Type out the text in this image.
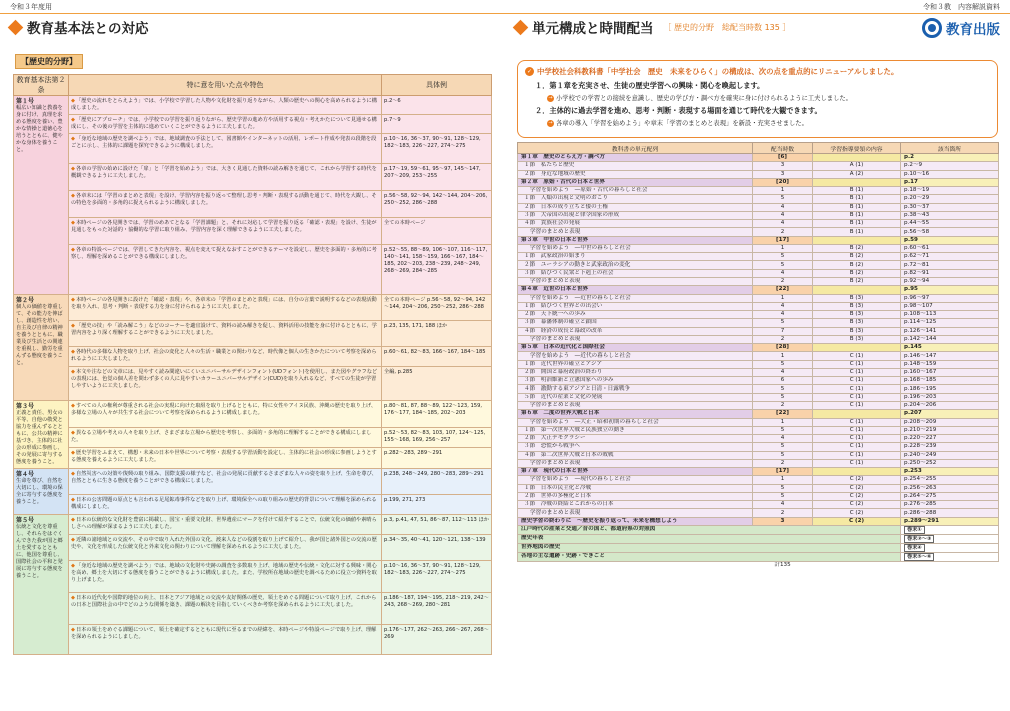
令和３年度用
教育基本法との対応
【歴史的分野】
教育基本法第２条	特に意を用いた点や特色	具体例

第１号
幅広い知識と教養を身に付け、真理を求める態度を養い、豊かな情操と道徳心を培うとともに、健やかな身体を養うこと。	◆「歴史の流れをとらえよう」では、小学校で学習した人物や文化財を振り返りながら、人類の歴史への関心を高められるように構成しました。	p.2～6
	◆「歴史にアプローチ」では、小学校での学習を振り返りながら、歴史学習の進め方や活用する視点・考えかたについて見通せる構成にし、その後の学習を主体的に進めていくことができるように工夫しました。	p.7～9
	◆「身近な地域の歴史を調べよう」では、地域調査の手法として、図書館やインターネットの活用、レポート作成や発表の段階を段ごとに示し、主体的に課題を探究できるように構成しました。	p.10～16, 36～37, 90～91, 128～129, 182～183, 226～227, 274～275
	◆各章の学習の始めに設けた「扉」と「学習を始めよう」では、大きく見通した資料の読み解きを通じて、これから学習する時代を概観できるように工夫しました。	p.17～19, 59～61, 95～97, 145～147, 207～209, 253～255
	◆各章末には「学習のまとめと表現」を設け、学習内容を振り返って整理し思考・判断・表現する活動を通じて、時代を大観し、その特色を多面的・多角的に捉えられるように構成しました。	p.56～58, 92～94, 142～144, 204～206, 250～252, 286～288
	◆本時ページの各見開きでは、学習のめあてとなる「学習課題」と、それに対応して学習を振り返る「確認・表現」を設け、生徒が見通しをもった対話的・協働的な学習に取り組み、学習内容を深く理解できるように工夫しました。	全ての本時ページ
	◆各章の特設ページでは、学習してきた内容を、視点を変えて捉えなおすことができるテーマを設定し、歴史を多面的・多角的に考察し、理解を深めることができる構成にしました。	p.52～55, 88～89, 106～107, 116～117, 140～141, 158～159, 166～167, 184～185, 202～203, 238～239, 248～249, 268～269, 284～285

第２号
個人の価値を尊重して、その能力を伸ばし、創造性を培い、自主及び自律の精神を養うとともに、職業及び生活との関連を重視し、勤労を重んずる態度を養うこと。	◆本時ページの各見開きに設けた「確認・表現」や、各章末の「学習のまとめと表現」には、自分の言葉で説明するなどの表現活動を取り入れ、思考・判断・表現する力を身に付けられるように工夫しました。	全ての本時ページ p.56～58, 92～94, 142～144, 204～206, 250～252, 286～288
	◆「歴史の技」や「読み解こう」などのコーナーを適宜設けて、資料の読み解きを促し、資料活用の技能を身に付けるとともに、学習内容をより深く理解することができるように工夫しました。	p.23, 135, 171, 188 ほか
	◆各時代の多様な人物を取り上げ、社会の変化と人々の生活・職業との関わりなど、時代像と個人の生きかたについて考察を深められるように工夫しました。	p.60～61, 82～83, 166～167, 184～185
	◆本文や注などの文章には、見やすく読み間違いにくいユニバーサルデザインフォント(UDフォント)を使用し、また図やグラフなどの表現には、色覚の個人差を問わず多くの人に見やすいカラーユニバーサルデザイン(CUD)を取り入れるなど、すべての生徒が学習しやすいように工夫しました。	全編, p.285

第３号
正義と責任、男女の平等、自他の敬愛と協力を重んずるとともに、公共の精神に基づき、主体的に社会の形成に参画し、その発展に寄与する態度を養うこと。	◆すべての人の権利が尊重される社会の実現に向けた取組を取り上げるとともに、特に女性やアイヌ民族、沖縄の歴史を取り上げ、多様な立場の人々が共生する社会について考察を深められるように構成しました。	p.80～81, 87, 88～89, 122～123, 159, 176～177, 184～185, 202～203
	◆異なる立場や考えの人々を取り上げ、さまざまな立場から歴史を考察し、多面的・多角的に理解することができる構成にしました。	p.52～53, 82～83, 103, 107, 124～125, 155～168, 169, 256～257
	◆歴史学習をふまえて、構想・未来の日本や世界について考察・表現する学習活動を設定し、主体的に社会の形成に参画しようとする態度を養えるように工夫しました。	p.282～283, 289～291

第４号
生命を尊び、自然を大切にし、環境の保全に寄与する態度を養うこと。	◆自然災害への対策や復興の取り組み、国際支援の様子など、社会の発展に貢献するさまざまな人々の姿を取り上げ、生命を尊び、自然とともに生きる態度を養うことができる構成にしました。	p.238, 248～249, 280～283, 289～291
	◆日本の公害問題の原点とも言われる足尾鉱毒事件などを取り上げ、環境保全への取り組みの歴史的背景について理解を深められる構成にしました。	p.199, 271, 273

第５号
伝統と文化を尊重し、それらをはぐくんできた我が国と郷土を愛するとともに、他国を尊重し、国際社会の平和と発展に寄与する態度を養うこと。	◆日本の伝統的な文化財を豊富に掲載し、国宝・重要文化財、世界遺産にマークを付けて紹介することで、伝統文化の価値や素晴らしさへの理解が深まるように工夫しました。	p.3, p.41, 47, 51, 86～87, 112～113 ほか
	◆近隣の諸地域との交流や、その中で取り入れた外国の文化、渡来人などの役割を取り上げて紹介し、我が国と諸外国との交流の歴史や、文化を形成した伝統文化と外来文化の関わりについて理解を深められるように工夫しました。	p.34～35, 40～41, 120～121, 138～139
	◆「身近な地域の歴史を調べよう」では、地域の文化財や史跡の調査を多数取り上げ、地域の歴史や伝統・文化に対する興味・関心を高め、郷土を大切にする態度を養うことができるように構成しました。また、学校所在地域の歴史を調べるために役立つ資料を取り上げました。	p.10～16, 36～37, 90～91, 128～129, 182～183, 226～227, 274～275
	◆日本の近代化や国際的地位の向上、日本とアジア地域との交流や友好関係の歴史、領土をめぐる問題について取り上げ、これからの日本と国際社会の中でどのような関係を築き、課題の解決を目指していくべきか考察を深められるように工夫しました。	p.186～187, 194～195, 218～219, 242～243, 268～269, 280～281
	◆日本の領土をめぐる課題について、領土を確定するとともに現代に至るまでの経緯を、本時ページや特設ページで取り上げ、理解を深められるようにしました。	p.176～177, 262～263, 266～267, 268～269
令和３教　内容解説資料
単元構成と時間配当 ［ 歴史的分野　総配当時数 135 ］	教育出版
✓ 中学校社会科教科書「中学社会　歴史　未来をひらく」の構成は、次の点を重点的にリニューアルしました。
１．第１章を充実させ、生徒の歴史学習への興味・関心を喚起します。
→ 小学校での学習との接続を意識し、歴史の学び方・調べ方を確実に身に付けられるように工夫しました。
２．主体的に過去学習を進め、思考・判断・表現する場面を通じて時代を大観できます。
→ 各章の導入「学習を始めよう」や章末「学習のまとめと表現」を新設・充実させました。
教科書の単元配列	配当時数	学習指導要領の内容	該当箇所
第１章　歴史のとらえ方・調べ方	[6]		p.2
１節　私たちと歴史	3	A (1)	p.2～9
２節　身近な地域の歴史	3	A (2)	p.10～16
第２章　原始・古代の日本と世界	[20]		p.17
学習を始めよう　―原始・古代の暮らしと社会	1	B (1)	p.18～19
１節　人類の出現と文明のおこり	5	B (1)	p.20～29
２節　日本の成り立ちと倭の王権	4	B (1)	p.30～37
３節　大帝国の出現と律令国家の形成	4	B (1)	p.38～43
４節　貴族社会の発展	4	B (1)	p.44～55
学習のまとめと表現	2	B (1)	p.56～58
第３章　中世の日本と世界	[17]		p.59
学習を始めよう　―中世の暮らしと社会	1	B (2)	p.60～61
１節　武家政治の始まり	5	B (2)	p.62～71
２節　ユーラシアの動きと武家政治の変化	5	B (2)	p.72～81
３節　結びつく民衆と下剋上の社会	4	B (2)	p.82～91
学習のまとめと表現	2	B (2)	p.92～94
第４章　近世の日本と世界	[22]		p.95
学習を始めよう　―近世の暮らしと社会	1	B (3)	p.96～97
１節　結びつく世界との出会い	4	B (3)	p.98～107
２節　天下統一への歩み	4	B (3)	p.108～113
３節　幕藩体制の確立と鎖国	5	B (3)	p.114～125
４節　経済の成長と幕政の改革	7	B (3)	p.126～141
学習のまとめと表現	2	B (3)	p.142～144
第５章　日本の近代化と国際社会	[28]		p.145
学習を始めよう　―近代の暮らしと社会	1	C (1)	p.146～147
１節　近代世界の確立とアジア	5	C (1)	p.148～159
２節　開国と幕府政治の終わり	4	C (1)	p.160～167
３節　明治維新と立憲国家への歩み	6	C (1)	p.168～185
４節　激動する東アジアと日清・日露戦争	5	C (1)	p.186～195
５節　近代の産業と文化の発展	5	C (1)	p.196～203
学習のまとめと表現	2	C (1)	p.204～206
第６章　二度の世界大戦と日本	[22]		p.207
学習を始めよう　―大正・昭和初期の暮らしと社会	1	C (1)	p.208～209
１節　第一次世界大戦と民族独立の動き	5	C (1)	p.210～219
２節　大正デモクラシー	4	C (1)	p.220～227
３節　恐慌から戦争へ	5	C (1)	p.228～239
４節　第二次世界大戦と日本の敗戦	5	C (1)	p.240～249
学習のまとめと表現	2	C (1)	p.250～252
第７章　現代の日本と世界	[17]		p.253
学習を始めよう　―現代の暮らしと社会	1	C (2)	p.254～255
１節　日本の民主化と冷戦	5	C (2)	p.256～263
２節　世界の多極化と日本	5	C (2)	p.264～275
３節　冷戦の終結とこれからの日本	4	C (2)	p.276～285
学習のまとめと表現	2	C (2)	p.286～288
歴史学習の終わりに　～歴史を振り返って、未来を構想しよう	3	C (2)	p.289～291
江戸時代の産業と交通／昔の国と、都道府県の対照図			巻末①
歴史年表			巻末②～③
世界地図の歴史			巻末④
各地の主な遺跡・史跡・できごと			巻末⑤～⑥
	計135		
